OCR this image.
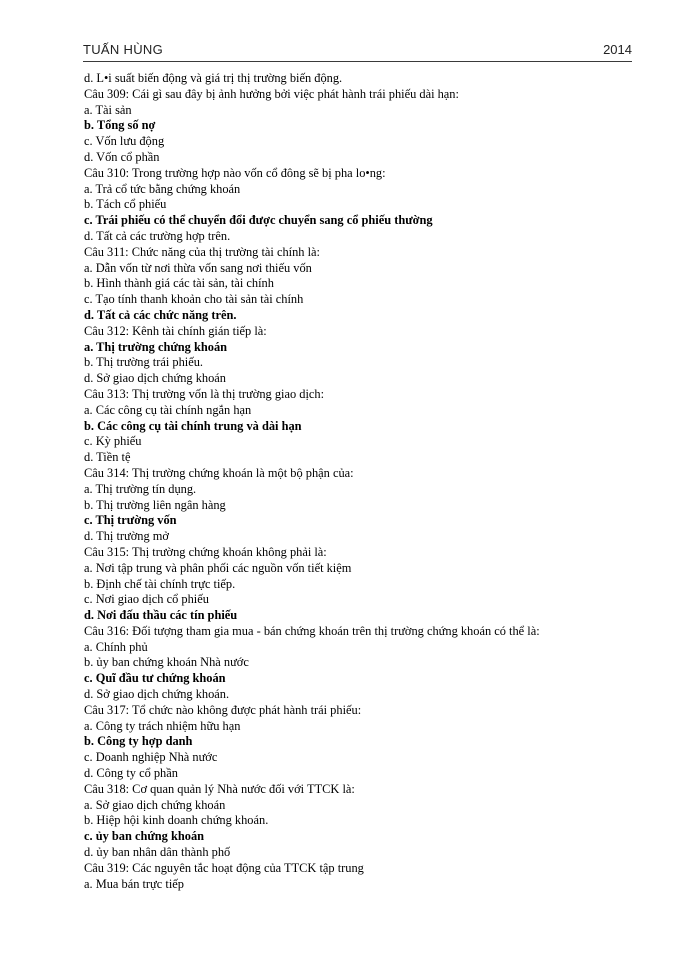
TUẤN HÙNG	2014
d. L•i suất biến động và giá trị thị trường biến động.
Câu 309: Cái gì sau đây bị ảnh hưởng bởi việc phát hành trái phiếu dài hạn:
a. Tài sản
b. Tổng số nợ
c. Vốn lưu động
d. Vốn cổ phần
Câu 310: Trong trường hợp nào vốn cổ đông sẽ bị pha lo•ng:
a. Trả cổ tức bằng chứng khoán
b. Tách cổ phiếu
c. Trái phiếu có thể chuyển đổi được chuyển sang cổ phiếu thường
d. Tất cả các trường hợp trên.
Câu 311: Chức năng của thị trường tài chính là:
a. Dẫn vốn từ nơi thừa vốn sang nơi thiếu vốn
b. Hình thành giá các tài sản, tài chính
c. Tạo tính thanh khoản cho tài sản tài chính
d. Tất cả các chức năng trên.
Câu 312: Kênh tài chính gián tiếp là:
a. Thị trường chứng khoán
b. Thị trường trái phiếu.
d. Sở giao dịch chứng khoán
Câu 313: Thị trường vốn là thị trường giao dịch:
a. Các công cụ tài chính ngắn hạn
b. Các công cụ tài chính trung và dài hạn
c. Kỳ phiếu
d. Tiền tệ
Câu 314: Thị trường chứng khoán là một bộ phận của:
a. Thị trường tín dụng.
b. Thị trường liên ngân hàng
c. Thị trường vốn
d. Thị trường mở
Câu 315: Thị trường chứng khoán không phải là:
a. Nơi tập trung và phân phối các nguồn vốn tiết kiệm
b. Định chế tài chính trực tiếp.
c. Nơi giao dịch cổ phiếu
d. Nơi đấu thầu các tín phiếu
Câu 316: Đối tượng tham gia mua - bán chứng khoán trên thị trường chứng khoán có thể là:
a. Chính phủ
b. ủy ban chứng khoán Nhà nước
c. Quĩ đầu tư chứng khoán
d. Sở giao dịch chứng khoán.
Câu 317: Tổ chức nào không được phát hành trái phiếu:
a. Công ty trách nhiệm hữu hạn
b. Công ty hợp danh
c. Doanh nghiệp Nhà nước
d. Công ty cổ phần
Câu 318: Cơ quan quản lý Nhà nước đối với TTCK là:
a. Sở giao dịch chứng khoán
b. Hiệp hội kinh doanh chứng khoán.
c. ủy ban chứng khoán
d. ủy ban nhân dân thành phố
Câu 319: Các nguyên tắc hoạt động của TTCK tập trung
a. Mua bán trực tiếp
